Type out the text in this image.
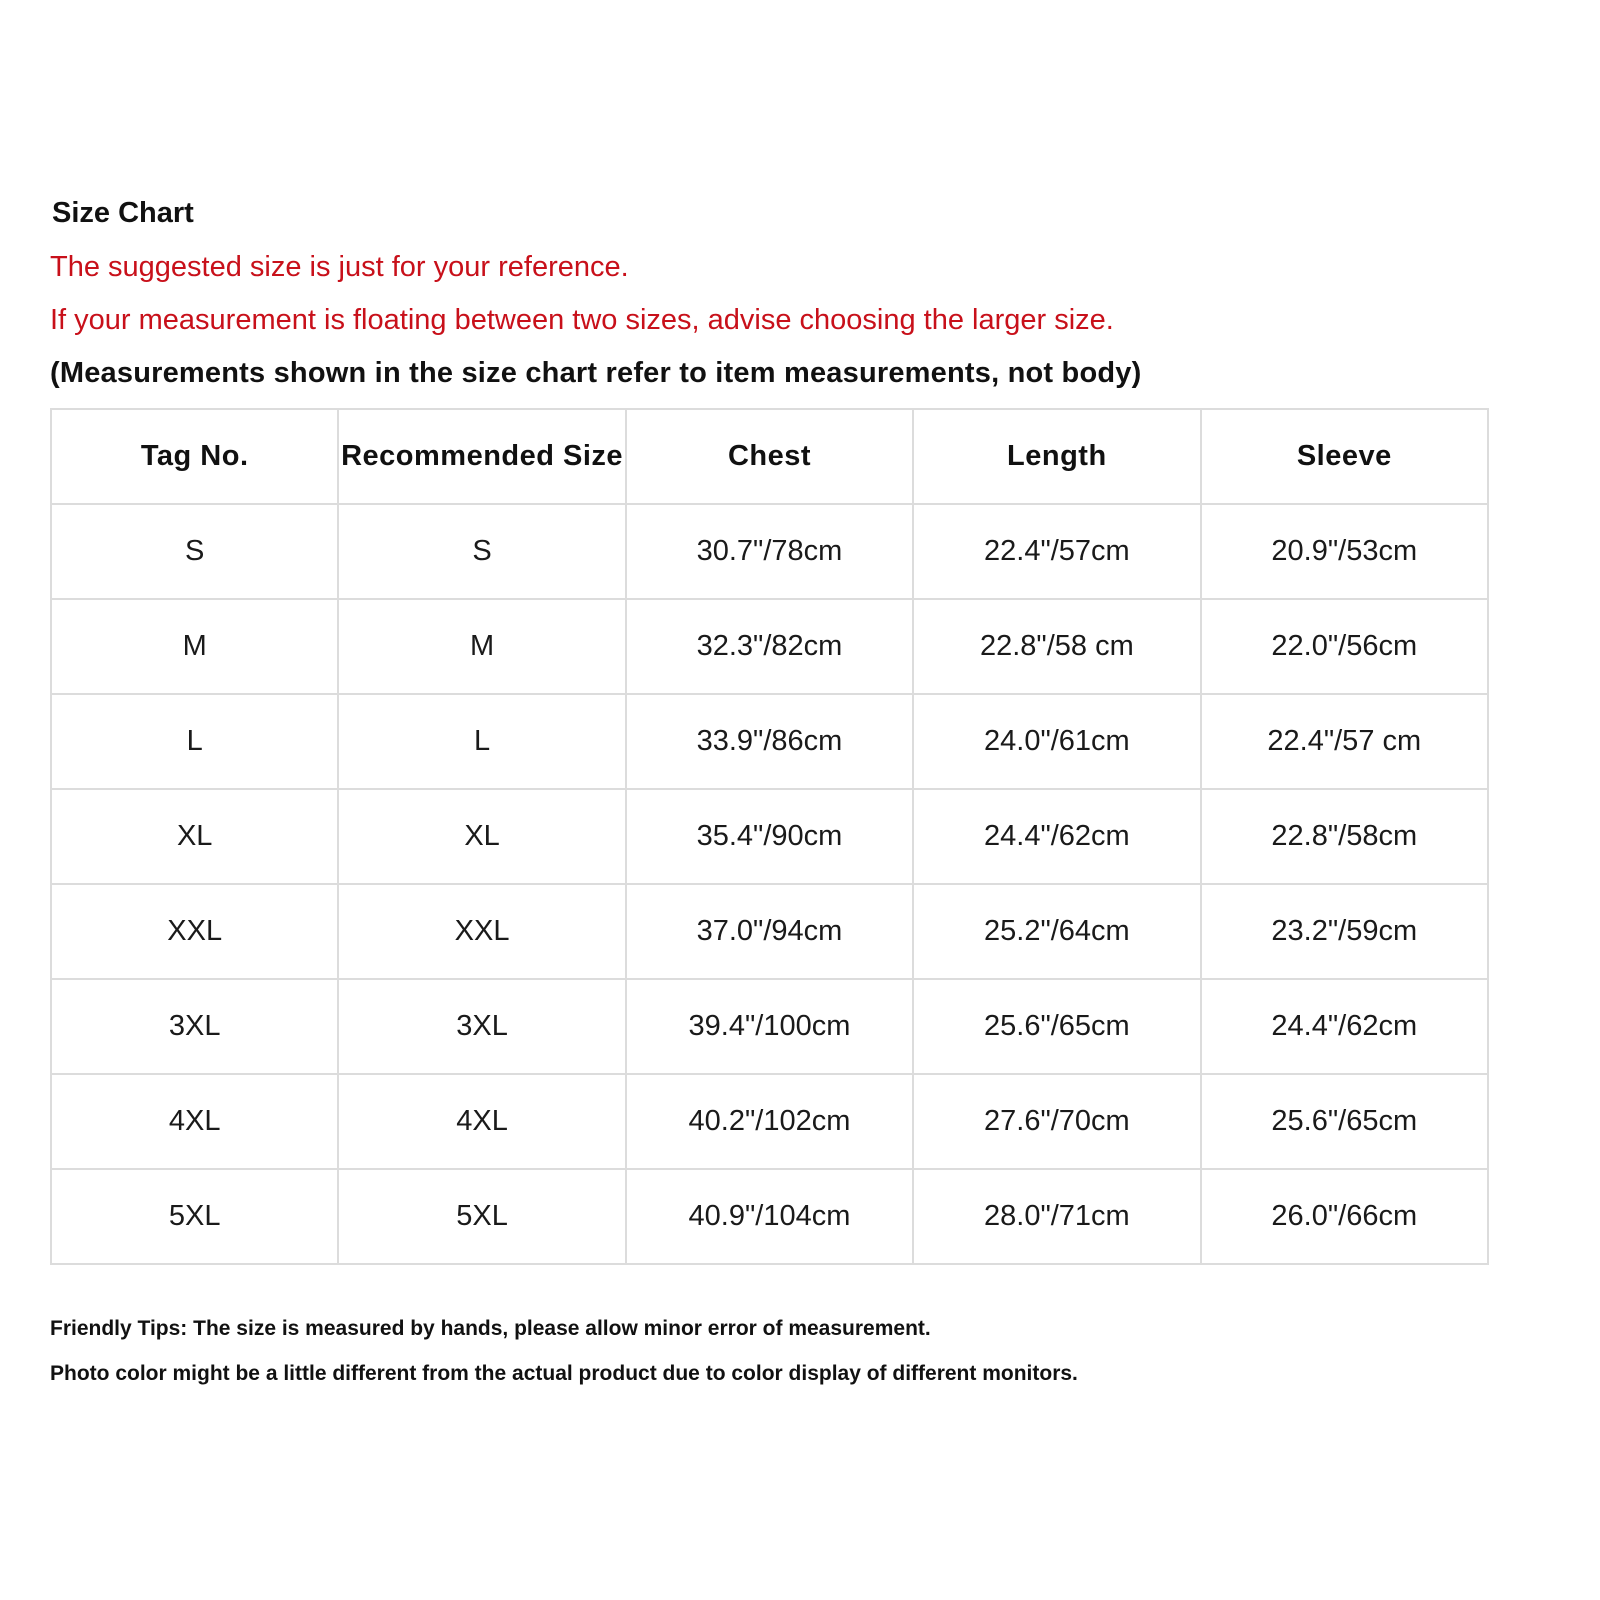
Size Chart
The suggested size is just for your reference.
If your measurement is floating between two sizes, advise choosing the larger size.
(Measurements shown in the size chart refer to item measurements, not body)
Tag No.	Recommended Size	Chest	Length	Sleeve
S	S	30.7"/78cm	22.4"/57cm	20.9"/53cm
M	M	32.3"/82cm	22.8"/58 cm	22.0"/56cm
L	L	33.9"/86cm	24.0"/61cm	22.4"/57 cm
XL	XL	35.4"/90cm	24.4"/62cm	22.8"/58cm
XXL	XXL	37.0"/94cm	25.2"/64cm	23.2"/59cm
3XL	3XL	39.4"/100cm	25.6"/65cm	24.4"/62cm
4XL	4XL	40.2"/102cm	27.6"/70cm	25.6"/65cm
5XL	5XL	40.9"/104cm	28.0"/71cm	26.0"/66cm
Friendly Tips: The size is measured by hands, please allow minor error of measurement.
Photo color might be a little different from the actual product due to color display of different monitors.
